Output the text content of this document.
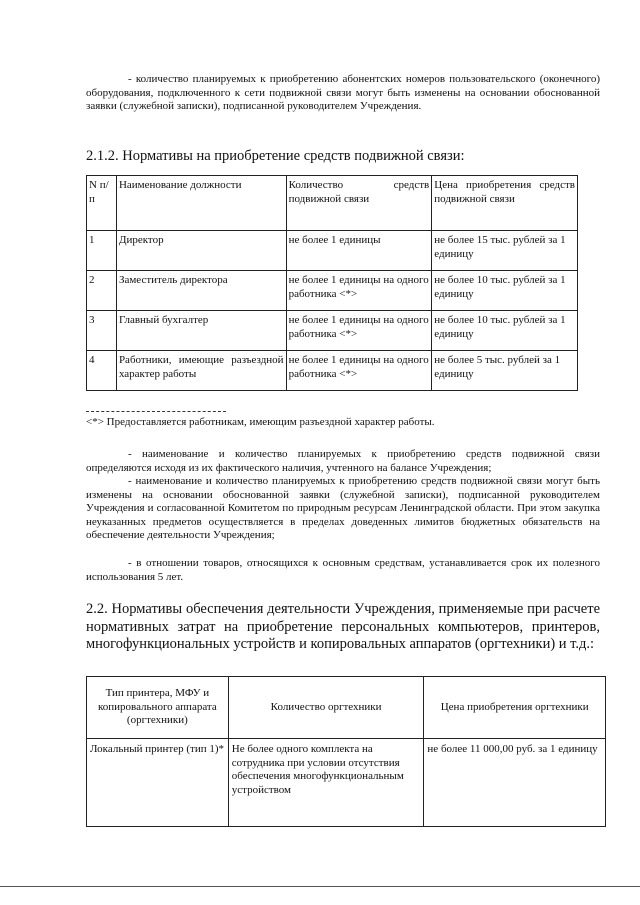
- количество планируемых к приобретению абонентских номеров пользовательского (оконечного) оборудования, подключенного к сети подвижной связи могут быть изменены на основании обоснованной заявки (служебной записки), подписанной руководителем Учреждения.

2.1.2. Нормативы на приобретение средств подвижной связи:

N п/п	Наименование должности	Количество средств подвижной связи	Цена приобретения средств подвижной связи
1	Директор	не более 1 единицы	не более 15 тыс. рублей за 1 единицу
2	Заместитель директора	не более 1 единицы на одного работника <*>	не более 10 тыс. рублей за 1 единицу
3	Главный бухгалтер	не более 1 единицы на одного работника <*>	не более 10 тыс. рублей за 1 единицу
4	Работники, имеющие разъездной характер работы	не более 1 единицы на одного работника <*>	не более 5 тыс. рублей за 1 единицу

<*> Предоставляется работникам, имеющим разъездной характер работы.

- наименование и количество планируемых к приобретению средств подвижной связи определяются исходя из их фактического наличия, учтенного на балансе Учреждения;

- наименование и количество планируемых к приобретению средств подвижной связи могут быть изменены на основании обоснованной заявки (служебной записки), подписанной руководителем Учреждения и согласованной Комитетом по природным ресурсам Ленинградской области. При этом закупка неуказанных предметов осуществляется в пределах доведенных лимитов бюджетных обязательств на обеспечение деятельности Учреждения;

- в отношении товаров, относящихся к основным средствам, устанавливается срок их полезного использования 5 лет.

2.2. Нормативы обеспечения деятельности Учреждения, применяемые при расчете нормативных затрат на приобретение персональных компьютеров, принтеров, многофункциональных устройств и копировальных аппаратов (оргтехники) и т.д.:

Тип принтера, МФУ и копировального аппарата (оргтехники)	Количество оргтехники	Цена приобретения оргтехники
Локальный принтер (тип 1)*	Не более одного комплекта на сотрудника при условии отсутствия обеспечения многофункциональным устройством	не более 11 000,00 руб. за 1 единицу
